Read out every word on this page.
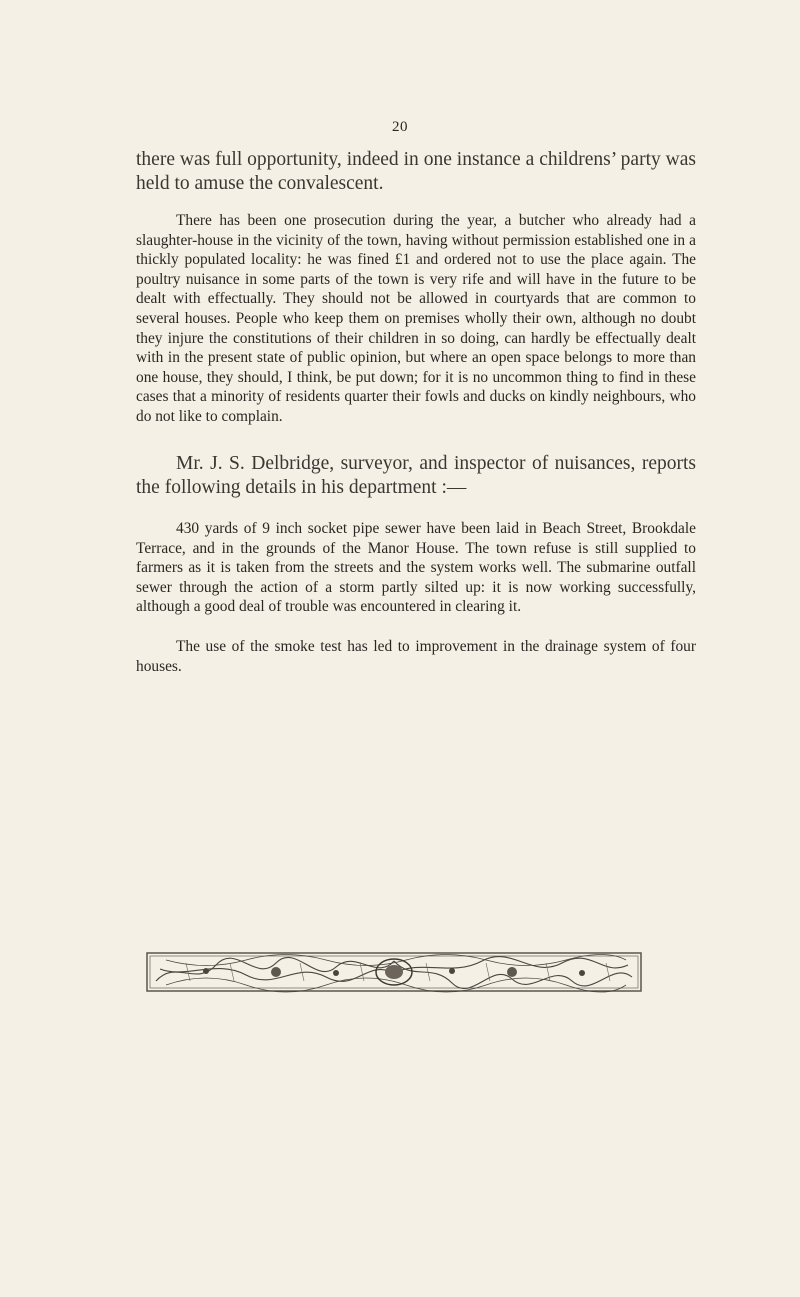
20

there was full opportunity, indeed in one instance a childrens’ party was held to amuse the convalescent.

There has been one prosecution during the year, a butcher who already had a slaughter-house in the vicinity of the town, having without permission established one in a thickly populated locality: he was fined £1 and ordered not to use the place again. The poultry nuisance in some parts of the town is very rife and will have in the future to be dealt with effectually. They should not be allowed in courtyards that are common to several houses. People who keep them on premises wholly their own, although no doubt they injure the constitutions of their children in so doing, can hardly be effectually dealt with in the present state of public opinion, but where an open space belongs to more than one house, they should, I think, be put down; for it is no uncommon thing to find in these cases that a minority of residents quarter their fowls and ducks on kindly neighbours, who do not like to complain.

Mr. J. S. Delbridge, surveyor, and inspector of nuisances, reports the following details in his department :—

430 yards of 9 inch socket pipe sewer have been laid in Beach Street, Brookdale Terrace, and in the grounds of the Manor House. The town refuse is still supplied to farmers as it is taken from the streets and the system works well. The submarine outfall sewer through the action of a storm partly silted up: it is now working successfully, although a good deal of trouble was encountered in clearing it.

The use of the smoke test has led to improvement in the drainage system of four houses.
